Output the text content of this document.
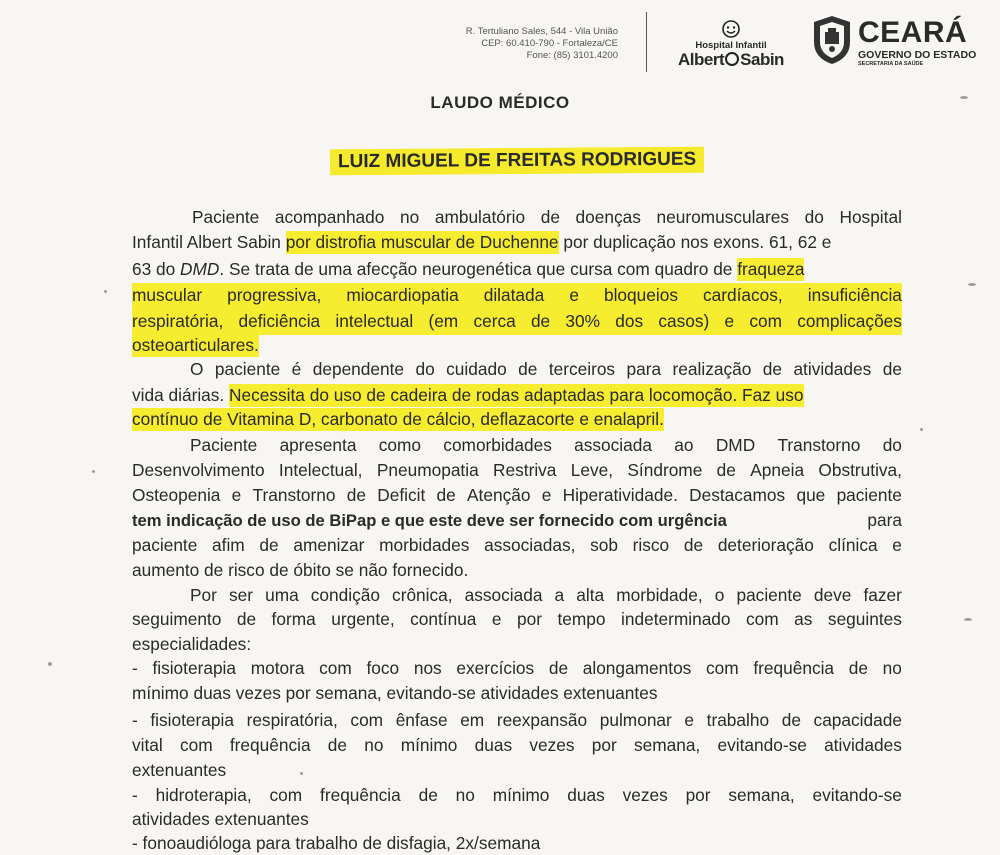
R. Tertuliano Sales, 544 - Vila União
CEP: 60.410-790 - Fortaleza/CE
Fone: (85) 3101.4200
Hospital Infantil
Albert Sabin
CEARÁ
GOVERNO DO ESTADO
SECRETARIA DA SAÚDE
LAUDO MÉDICO
LUIZ MIGUEL DE FREITAS RODRIGUES
Paciente acompanhado no ambulatório de doenças neuromusculares do Hospital
Infantil Albert Sabin por distrofia muscular de Duchenne por duplicação nos exons. 61, 62 e
63 do DMD. Se trata de uma afecção neurogenética que cursa com quadro de fraqueza
muscular progressiva, miocardiopatia dilatada e bloqueios cardíacos, insuficiência
respiratória, deficiência intelectual (em cerca de 30% dos casos) e com complicações
osteoarticulares.
O paciente é dependente do cuidado de terceiros para realização de atividades de
vida diárias. Necessita do uso de cadeira de rodas adaptadas para locomoção. Faz uso
contínuo de Vitamina D, carbonato de cálcio, deflazacorte e enalapril.
Paciente apresenta como comorbidades associada ao DMD Transtorno do
Desenvolvimento Intelectual, Pneumopatia Restriva Leve, Síndrome de Apneia Obstrutiva,
Osteopenia e Transtorno de Deficit de Atenção e Hiperatividade. Destacamos que paciente
tem indicação de uso de BiPap e que este deve ser fornecido com urgência	para
paciente afim de amenizar morbidades associadas, sob risco de deterioração clínica e
aumento de risco de óbito se não fornecido.
Por ser uma condição crônica, associada a alta morbidade, o paciente deve fazer
seguimento de forma urgente, contínua e por tempo indeterminado com as seguintes
especialidades:
- fisioterapia motora com foco nos exercícios de alongamentos com frequência de no
mínimo duas vezes por semana, evitando-se atividades extenuantes
- fisioterapia respiratória, com ênfase em reexpansão pulmonar e trabalho de capacidade
vital com frequência de no mínimo duas vezes por semana, evitando-se atividades
extenuantes
- hidroterapia, com frequência de no mínimo duas vezes por semana, evitando-se
atividades extenuantes
- fonoaudióloga para trabalho de disfagia, 2x/semana
